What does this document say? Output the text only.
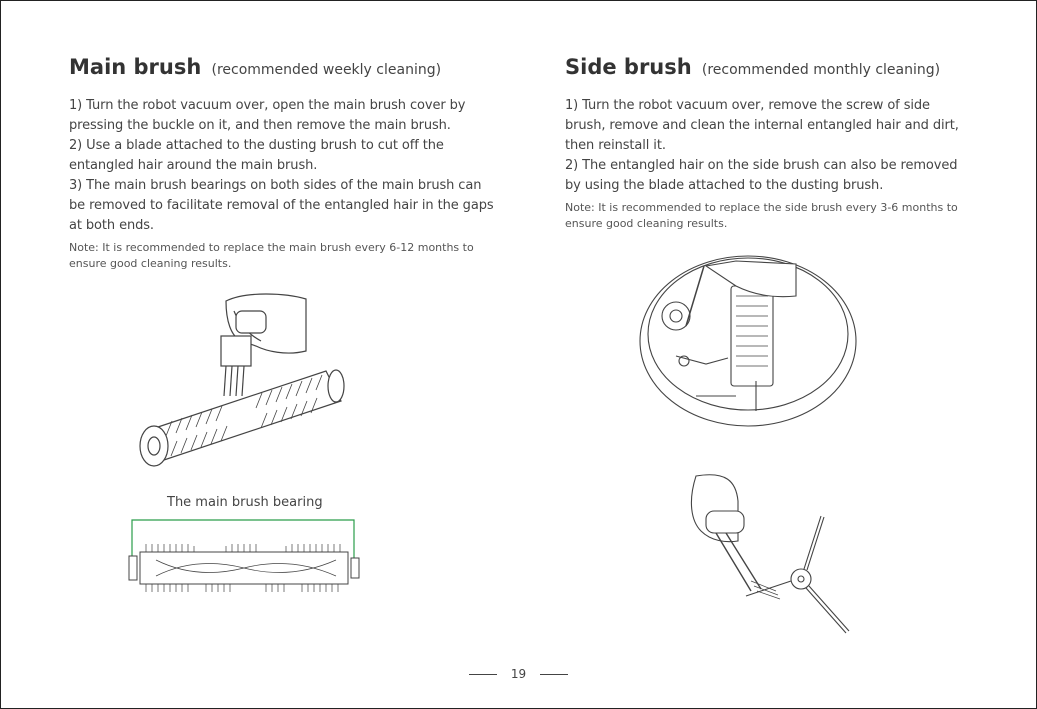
Main brush (recommended weekly cleaning)

1) Turn the robot vacuum over, open the main brush cover by pressing the buckle on it, and then remove the main brush.

2) Use a blade attached to the dusting brush to cut off the entangled hair around the main brush.

3) The main brush bearings on both sides of the main brush can be removed to facilitate removal of the entangled hair in the gaps at both ends.

Note: It is recommended to replace the main brush every 6-12 months to ensure good cleaning results.
The main brush bearing
Side brush (recommended monthly cleaning)

1) Turn the robot vacuum over, remove the screw of side brush, remove and clean the internal entangled hair and dirt, then reinstall it.

2) The entangled hair on the side brush can also be removed by using the blade attached to the dusting brush.

Note: It is recommended to replace the side brush every 3-6 months to ensure good cleaning results.
19
